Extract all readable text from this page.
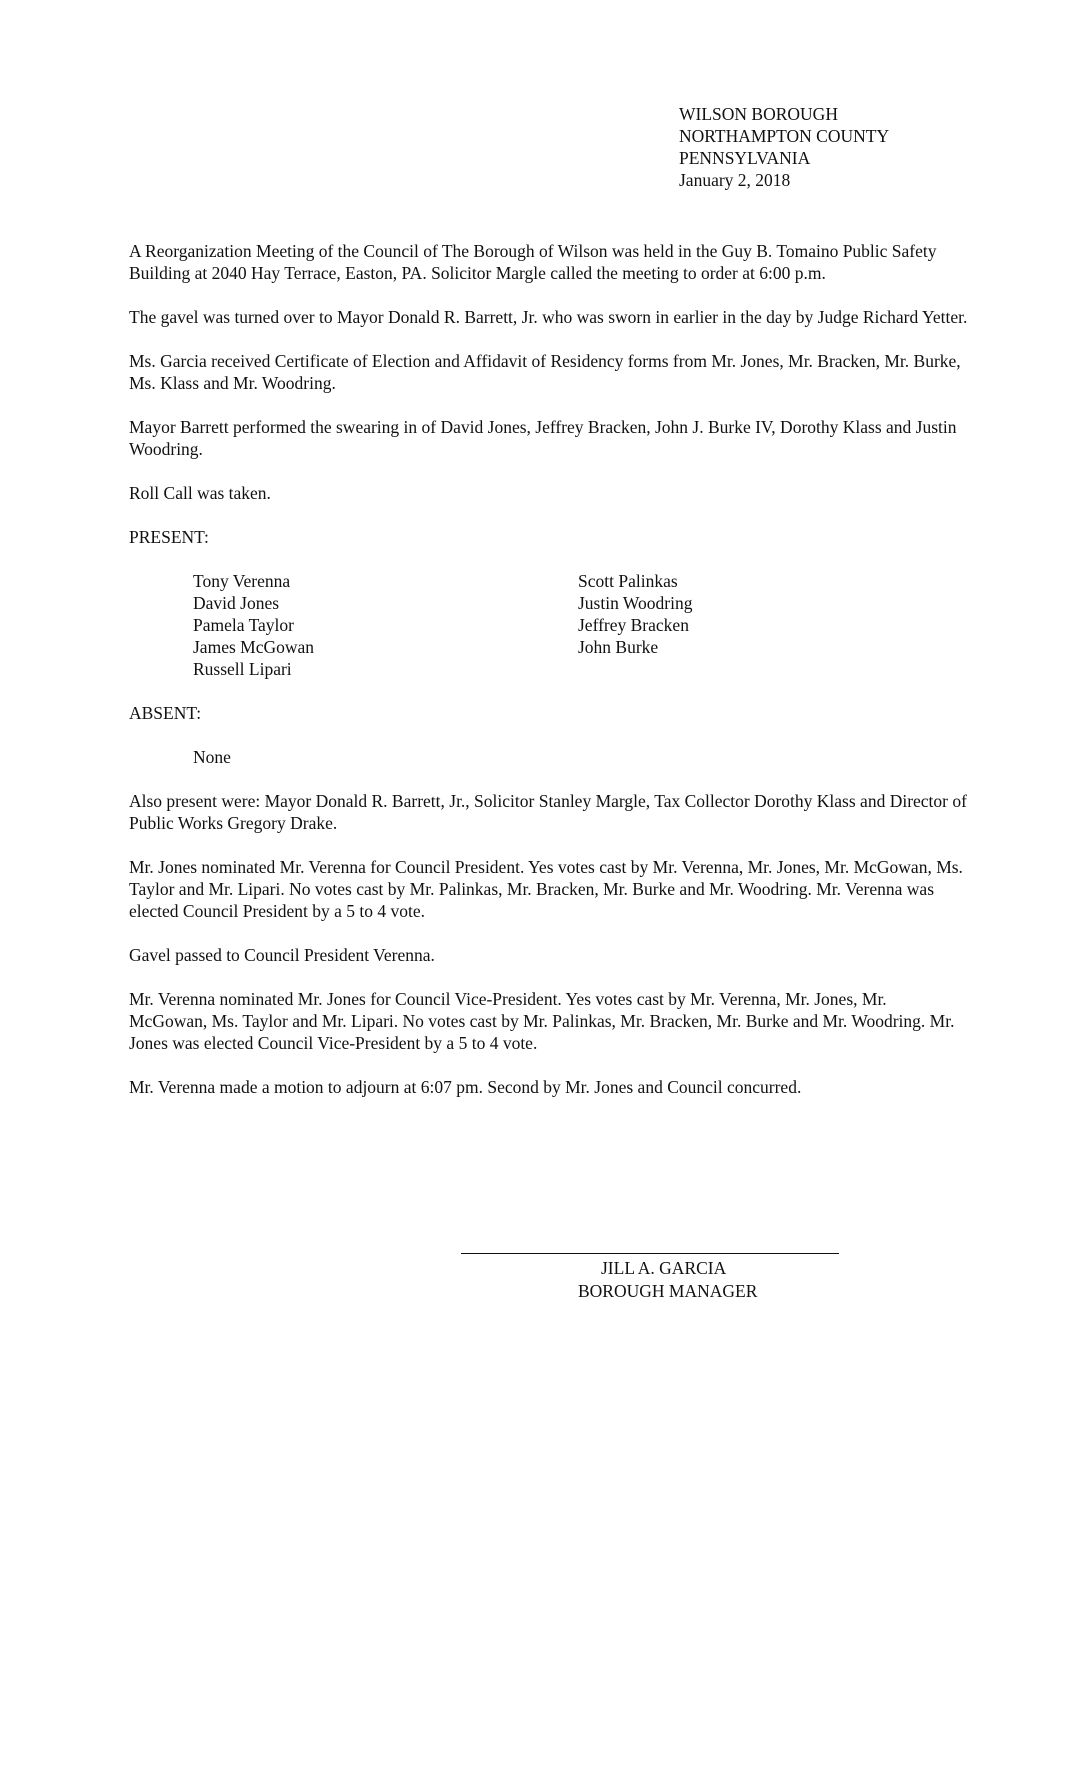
WILSON BOROUGH
NORTHAMPTON COUNTY
PENNSYLVANIA
January 2, 2018

A Reorganization Meeting of the Council of The Borough of Wilson was held in the Guy B. Tomaino Public Safety Building at 2040 Hay Terrace, Easton, PA. Solicitor Margle called the meeting to order at 6:00 p.m.

The gavel was turned over to Mayor Donald R. Barrett, Jr. who was sworn in earlier in the day by Judge Richard Yetter.

Ms. Garcia received Certificate of Election and Affidavit of Residency forms from Mr. Jones, Mr. Bracken, Mr. Burke, Ms. Klass and Mr. Woodring.

Mayor Barrett performed the swearing in of David Jones, Jeffrey Bracken, John J. Burke IV, Dorothy Klass and Justin Woodring.

Roll Call was taken.

PRESENT:

Tony Verenna
David Jones
Pamela Taylor
James McGowan
Russell Lipari
Scott Palinkas
Justin Woodring
Jeffrey Bracken
John Burke

ABSENT:

None

Also present were: Mayor Donald R. Barrett, Jr., Solicitor Stanley Margle, Tax Collector Dorothy Klass and Director of Public Works Gregory Drake.

Mr. Jones nominated Mr. Verenna for Council President. Yes votes cast by Mr. Verenna, Mr. Jones, Mr. McGowan, Ms. Taylor and Mr. Lipari. No votes cast by Mr. Palinkas, Mr. Bracken, Mr. Burke and Mr. Woodring. Mr. Verenna was elected Council President by a 5 to 4 vote.

Gavel passed to Council President Verenna.

Mr. Verenna nominated Mr. Jones for Council Vice-President. Yes votes cast by Mr. Verenna, Mr. Jones, Mr. McGowan, Ms. Taylor and Mr. Lipari. No votes cast by Mr. Palinkas, Mr. Bracken, Mr. Burke and Mr. Woodring. Mr. Jones was elected Council Vice-President by a 5 to 4 vote.

Mr. Verenna made a motion to adjourn at 6:07 pm. Second by Mr. Jones and Council concurred.

JILL A. GARCIA
BOROUGH MANAGER
